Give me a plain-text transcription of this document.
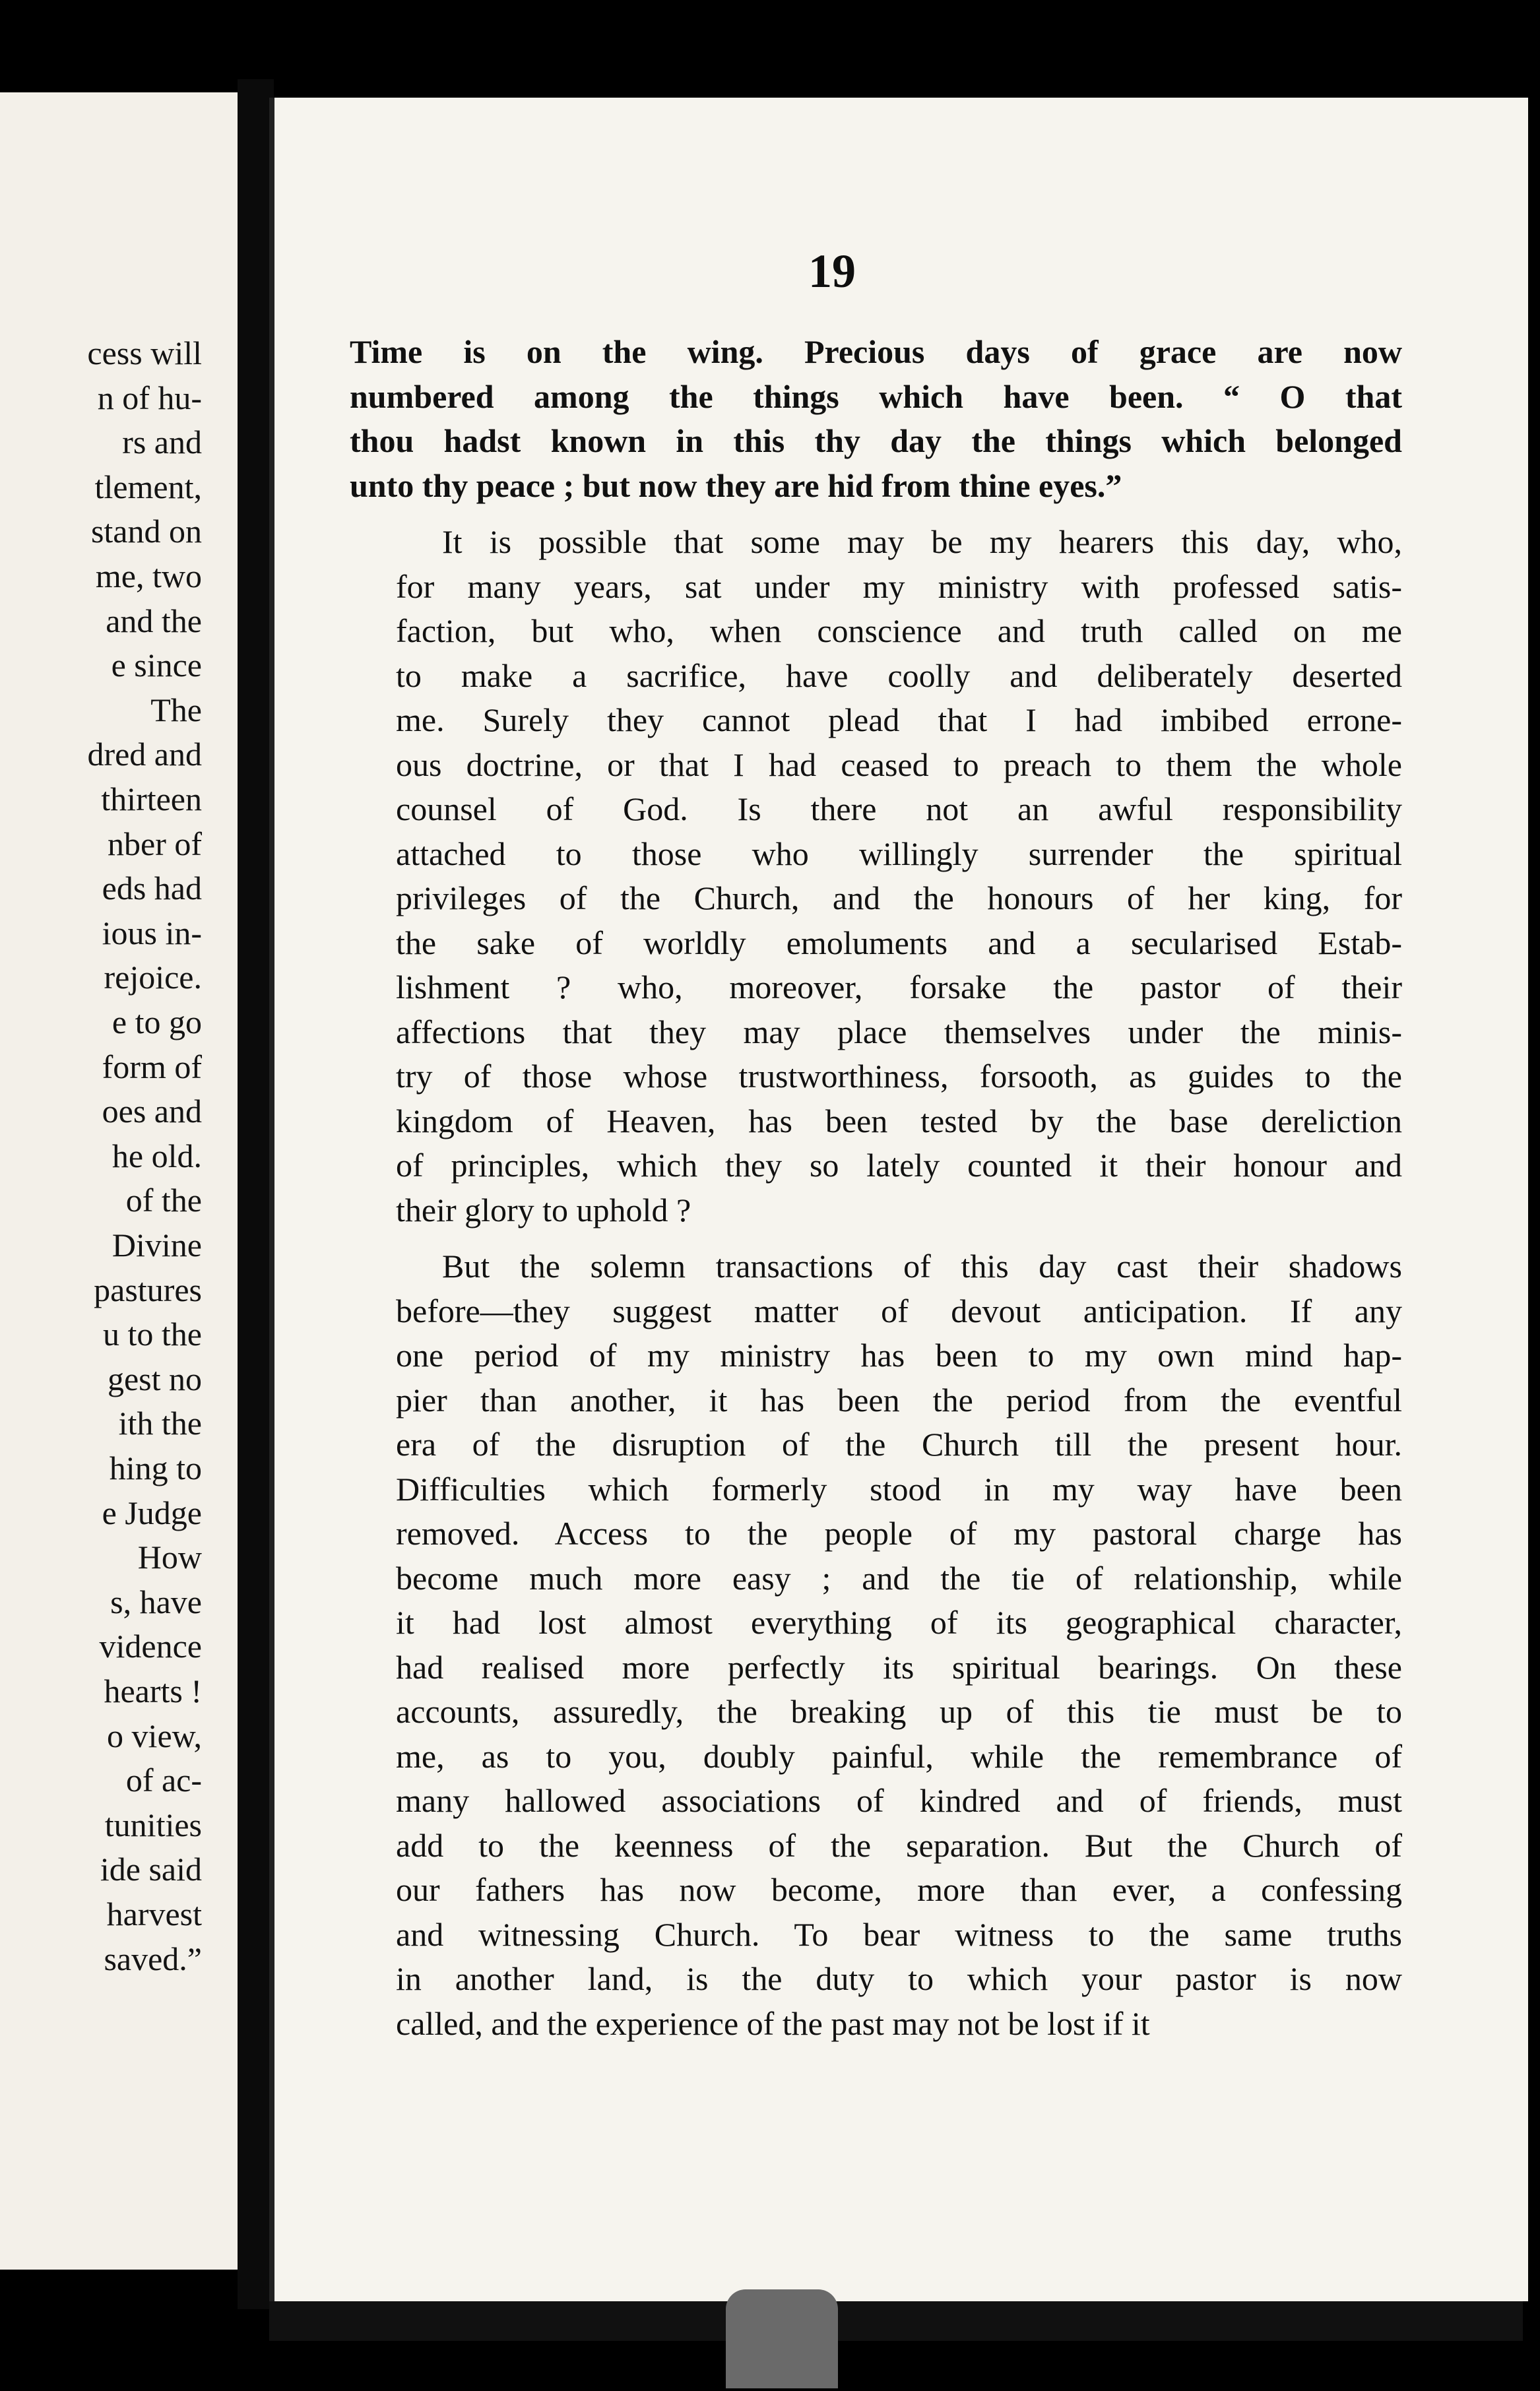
cess will
n of hu-
rs and
tlement,
stand on
me, two
and the
e since
The
dred and
thirteen
nber of
eds had
ious in-
rejoice.
e to go
form of
oes and
he old.
of the
Divine
pastures
u to the
gest no
ith the
hing to
e Judge
How
s, have
vidence
hearts !
o view,
of ac-
tunities
ide said
harvest
saved.”
19
Time is on the wing. Precious days of grace are now
numbered among the things which have been. “ O that
thou hadst known in this thy day the things which belonged
unto thy peace ; but now they are hid from thine eyes.”
It is possible that some may be my hearers this day, who,
for many years, sat under my ministry with professed satis-
faction, but who, when conscience and truth called on me
to make a sacrifice, have coolly and deliberately deserted
me. Surely they cannot plead that I had imbibed errone-
ous doctrine, or that I had ceased to preach to them the whole
counsel of God. Is there not an awful responsibility
attached to those who willingly surrender the spiritual
privileges of the Church, and the honours of her king, for
the sake of worldly emoluments and a secularised Estab-
lishment ? who, moreover, forsake the pastor of their
affections that they may place themselves under the minis-
try of those whose trustworthiness, forsooth, as guides to the
kingdom of Heaven, has been tested by the base dereliction
of principles, which they so lately counted it their honour and
their glory to uphold ?
But the solemn transactions of this day cast their shadows
before—they suggest matter of devout anticipation. If any
one period of my ministry has been to my own mind hap-
pier than another, it has been the period from the eventful
era of the disruption of the Church till the present hour.
Difficulties which formerly stood in my way have been
removed. Access to the people of my pastoral charge has
become much more easy ; and the tie of relationship, while
it had lost almost everything of its geographical character,
had realised more perfectly its spiritual bearings. On these
accounts, assuredly, the breaking up of this tie must be to
me, as to you, doubly painful, while the remembrance of
many hallowed associations of kindred and of friends, must
add to the keenness of the separation. But the Church of
our fathers has now become, more than ever, a confessing
and witnessing Church. To bear witness to the same truths
in another land, is the duty to which your pastor is now
called, and the experience of the past may not be lost if it
